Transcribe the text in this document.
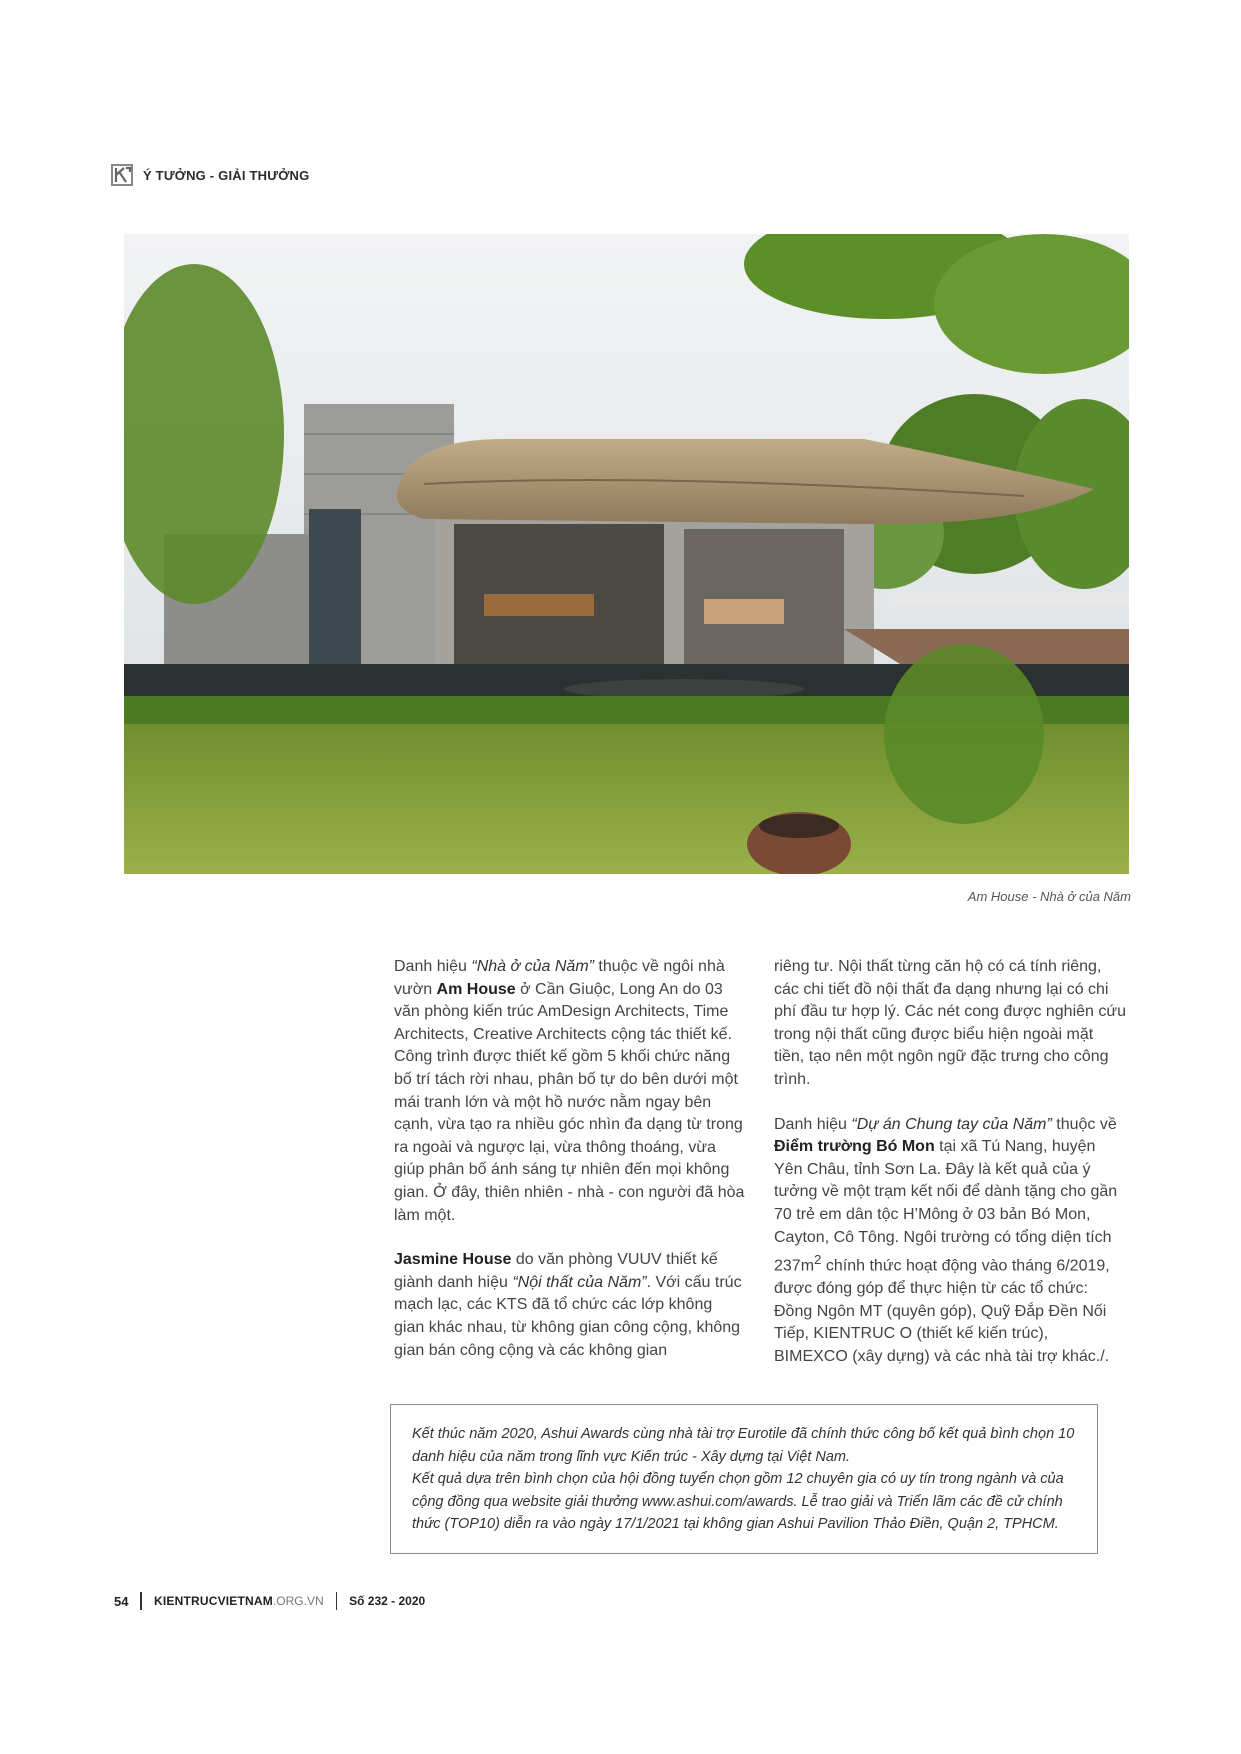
Ý TƯỞNG - GIẢI THƯỞNG
Am House - Nhà ở của Năm

Danh hiệu “Nhà ở của Năm” thuộc về ngôi nhà vườn Am House ở Cần Giuộc, Long An do 03 văn phòng kiến trúc AmDesign Architects, Time Architects, Creative Architects cộng tác thiết kế. Công trình được thiết kế gồm 5 khối chức năng bố trí tách rời nhau, phân bố tự do bên dưới một mái tranh lớn và một hồ nước nằm ngay bên cạnh, vừa tạo ra nhiều góc nhìn đa dạng từ trong ra ngoài và ngược lại, vừa thông thoáng, vừa giúp phân bố ánh sáng tự nhiên đến mọi không gian. Ở đây, thiên nhiên - nhà - con người đã hòa làm một.

Jasmine House do văn phòng VUUV thiết kế giành danh hiệu “Nội thất của Năm”. Với cấu trúc mạch lạc, các KTS đã tổ chức các lớp không gian khác nhau, từ không gian công cộng, không gian bán công cộng và các không gian

riêng tư. Nội thất từng căn hộ có cá tính riêng, các chi tiết đồ nội thất đa dạng nhưng lại có chi phí đầu tư hợp lý. Các nét cong được nghiên cứu trong nội thất cũng được biểu hiện ngoài mặt tiền, tạo nên một ngôn ngữ đặc trưng cho công trình.

Danh hiệu “Dự án Chung tay của Năm” thuộc về Điểm trường Bó Mon tại xã Tú Nang, huyện Yên Châu, tỉnh Sơn La. Đây là kết quả của ý tưởng về một trạm kết nối để dành tặng cho gần 70 trẻ em dân tộc H’Mông ở 03 bản Bó Mon, Cayton, Cô Tông. Ngôi trường có tổng diện tích $237m^2$ chính thức hoạt động vào tháng 6/2019, được đóng góp để thực hiện từ các tổ chức: Đồng Ngôn MT (quyên góp), Quỹ Đắp Đền Nối Tiếp, KIENTRUC O (thiết kế kiến trúc), BIMEXCO (xây dựng) và các nhà tài trợ khác./.

Kết thúc năm 2020, Ashui Awards cùng nhà tài trợ Eurotile đã chính thức công bố kết quả bình chọn 10 danh hiệu của năm trong lĩnh vực Kiến trúc - Xây dựng tại Việt Nam.

Kết quả dựa trên bình chọn của hội đồng tuyển chọn gồm 12 chuyên gia có uy tín trong ngành và của cộng đồng qua website giải thưởng www.ashui.com/awards. Lễ trao giải và Triển lãm các đề cử chính thức (TOP10) diễn ra vào ngày 17/1/2021 tại không gian Ashui Pavilion Thảo Điền, Quận 2, TPHCM.

54 KIENTRUCVIETNAM.ORG.VN Số 232 - 2020
